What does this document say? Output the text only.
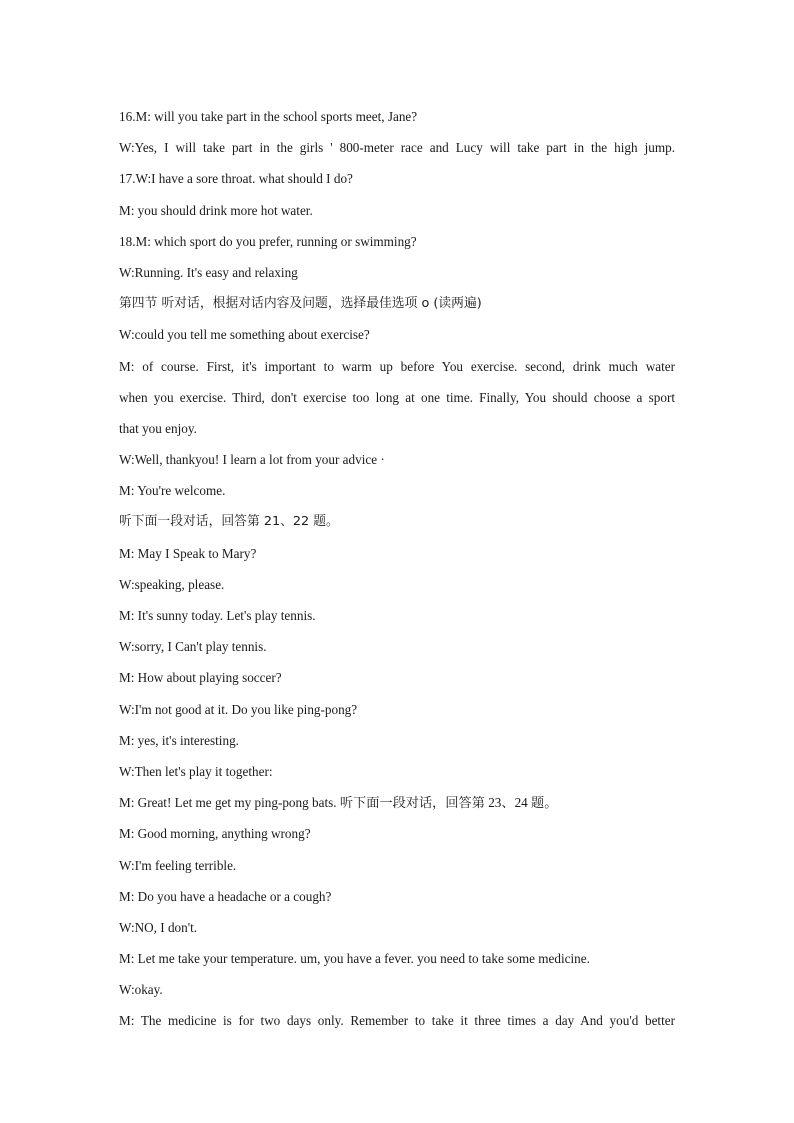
16.M: will you take part in the school sports meet, Jane?
W:Yes, I will take part in the girls ' 800-meter race and Lucy will take part in the high jump.
17.W:I have a sore throat. what should I do?
M: you should drink more hot water.
18.M: which sport do you prefer, running or swimming?
W:Running. It's easy and relaxing
第四节 听对话，根据对话内容及问题，选择最佳选项 o (读两遍)
W:could you tell me something about exercise?
M: of course. First, it's important to warm up before You exercise. second, drink much water
when you exercise. Third, don't exercise too long at one time. Finally, You should choose a sport
that you enjoy.
W:Well, thankyou! I learn a lot from your advice ·
M: You're welcome.
听下面一段对话，回答第 21、22 题。
M: May I Speak to Mary?
W:speaking, please.
M: It's sunny today. Let's play tennis.
W:sorry, I Can't play tennis.
M: How about playing soccer?
W:I'm not good at it. Do you like ping-pong?
M: yes, it's interesting.
W:Then let's play it together:
M: Great! Let me get my ping-pong bats. 听下面一段对话，回答第 23、24 题。
M: Good morning, anything wrong?
W:I'm feeling terrible.
M: Do you have a headache or a cough?
W:NO, I don't.
M: Let me take your temperature. um, you have a fever. you need to take some medicine.
W:okay.
M: The medicine is for two days only. Remember to take it three times a day And you'd better
